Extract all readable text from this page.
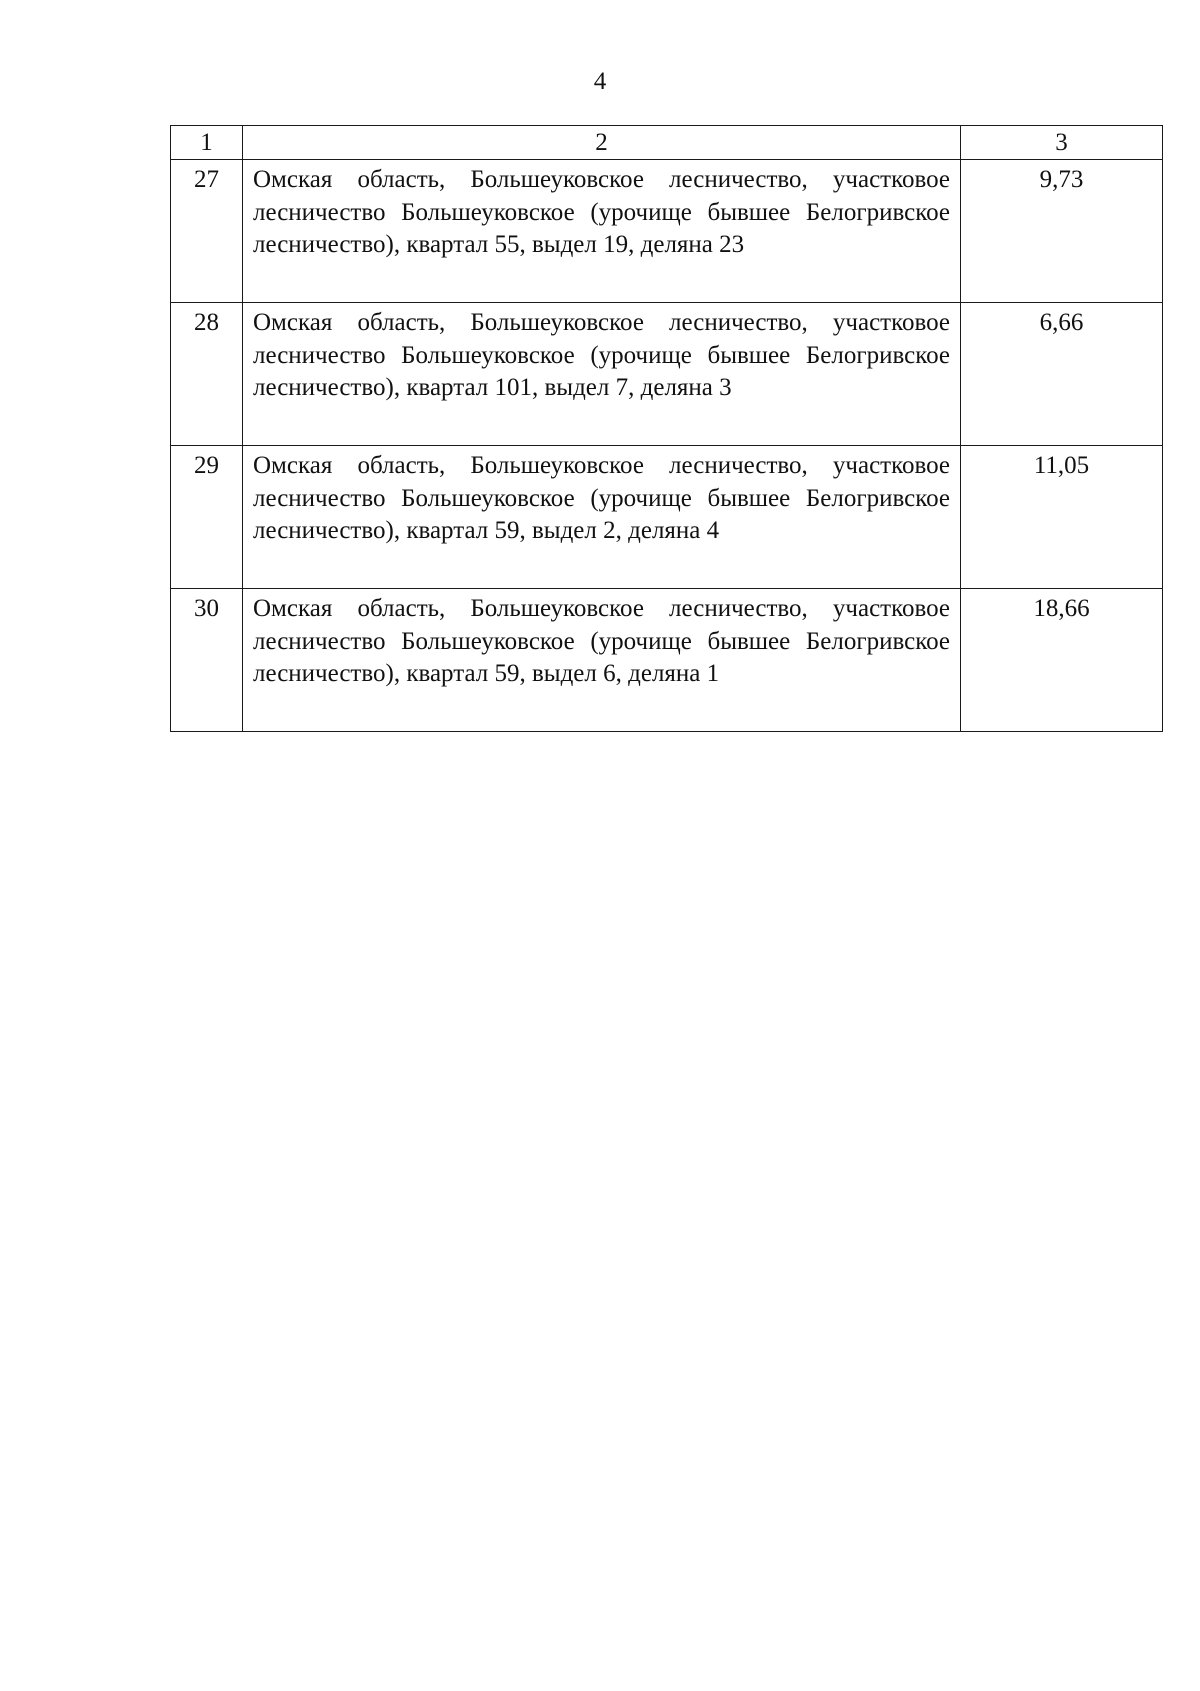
4
1	2	3
27	Омская область, Большеуковское лесничество, участковое лесничество Большеуковское (урочище бывшее Белогривское лесничество), квартал 55, выдел 19, деляна 23	9,73
28	Омская область, Большеуковское лесничество, участковое лесничество Большеуковское (урочище бывшее Белогривское лесничество), квартал 101, выдел 7, деляна 3	6,66
29	Омская область, Большеуковское лесничество, участковое лесничество Большеуковское (урочище бывшее Белогривское лесничество), квартал 59, выдел 2, деляна 4	11,05
30	Омская область, Большеуковское лесничество, участковое лесничество Большеуковское (урочище бывшее Белогривское лесничество), квартал 59, выдел 6, деляна 1	18,66
